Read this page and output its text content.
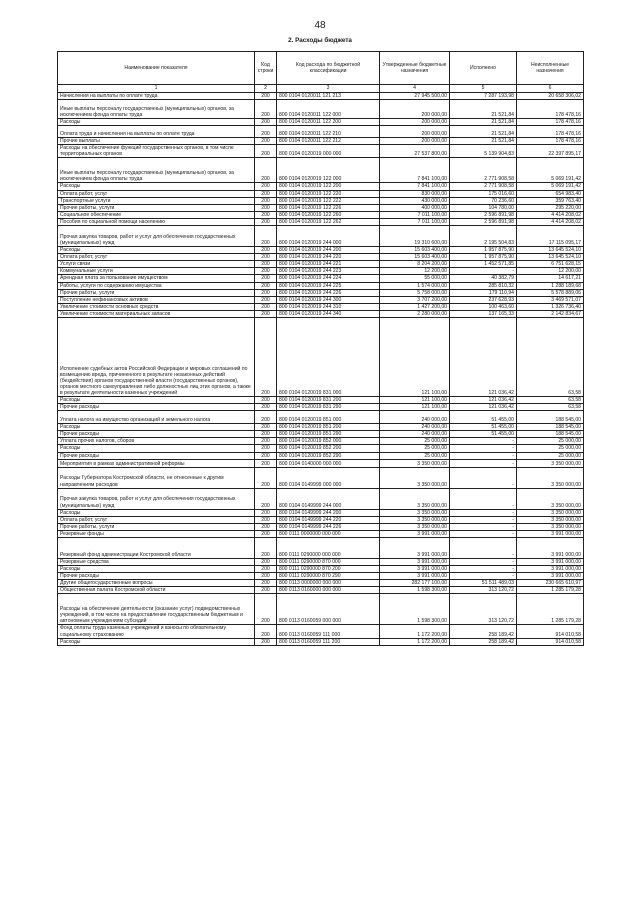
48
2. Расходы бюджета
Наименование показателя	Код строки	Код расхода по бюджетной классификации	Утвержденные бюджетные назначения	Исполнено	Неисполненные назначения
1	2	3	4	5	6
Начисления на выплаты по оплате труда	200	800 0104 0120011 121 213	27 945 500,00	7 287 193,98	20 658 306,02
Иные выплаты персоналу государственных (муниципальных) органов, за исключением фонда оплаты труда	200	800 0104 0120011 122 000	200 000,00	21 521,84	178 478,16
Расходы	200	800 0104 0120011 122 200	200 000,00	21 521,84	178 478,16
Оплата труда и начисления на выплаты по оплате труда	200	800 0104 0120011 122 210	200 000,00	21 521,84	178 478,16
Прочие выплаты	200	800 0104 0120011 122 212	200 000,00	21 521,84	178 478,16
Расходы на обеспечение функций государственных органов, в том числе территориальных органов	200	800 0104 0120019 000 000	27 537 800,00	5 139 904,83	22 397 895,17
Иные выплаты персоналу государственных (муниципальных) органов, за исключением фонда оплаты труда	200	800 0104 0120019 122 000	7 841 100,00	2 771 908,58	5 069 191,42
Расходы	200	800 0104 0120019 122 200	7 841 100,00	2 771 908,58	5 069 191,42
Оплата работ, услуг	200	800 0104 0120019 122 220	830 000,00	175 016,60	654 983,40
Транспортные услуги	200	800 0104 0120019 122 222	430 000,00	70 236,60	359 763,40
Прочие работы, услуги	200	800 0104 0120019 122 226	400 000,00	104 780,00	295 220,00
Социальное обеспечение	200	800 0104 0120019 122 260	7 011 100,00	2 596 891,98	4 414 208,02
Пособия по социальной помощи населению	200	800 0104 0120019 122 262	7 011 100,00	2 596 891,98	4 414 208,02
Прочая закупка товаров, работ и услуг для обеспечения государственных (муниципальных) нужд	200	800 0104 0120019 244 000	19 310 600,00	2 195 504,83	17 115 095,17
Расходы	200	800 0104 0120019 244 200	15 603 400,00	1 957 875,90	13 645 524,10
Оплата работ, услуг	200	800 0104 0120019 244 220	15 603 400,00	1 957 875,90	13 645 524,10
Услуги связи	200	800 0104 0120019 244 221	8 204 200,00	1 452 571,85	6 751 628,15
Коммунальные услуги	200	800 0104 0120019 244 223	12 200,00	-	12 200,00
Арендная плата за пользование имуществом	200	800 0104 0120019 244 224	55 000,00	40 382,79	14 617,21
Работы, услуги по содержанию имущества	200	800 0104 0120019 244 225	1 574 000,00	285 810,32	1 288 189,68
Прочие работы, услуги	200	800 0104 0120019 244 226	5 758 000,00	179 110,94	5 578 889,06
Поступление нефинансовых активов	200	800 0104 0120019 244 300	3 707 200,00	237 628,93	3 469 571,07
Увеличение стоимости основных средств	200	800 0104 0120019 244 310	1 427 200,00	100 463,60	1 326 736,40
Увеличение стоимости материальных запасов	200	800 0104 0120019 244 340	2 280 000,00	137 165,33	2 142 834,67
Исполнение судебных актов Российской Федерации и мировых соглашений по возмещению вреда, причиненного в результате незаконных действий (бездействия) органов государственной власти (государственных органов), органов местного самоуправления либо должностных лиц этих органов, а также в результате деятельности казенных учреждений	200	800 0104 0120019 831 000	121 100,00	121 036,42	63,58
Расходы	200	800 0104 0120019 831 200	121 100,00	121 036,42	63,58
Прочие расходы	200	800 0104 0120019 831 290	121 100,00	121 036,42	63,58
Уплата налога на имущество организаций и земельного налога	200	800 0104 0120019 851 000	240 000,00	51 455,00	188 545,00
Расходы	200	800 0104 0120019 851 200	240 000,00	51 455,00	188 545,00
Прочие расходы	200	800 0104 0120019 851 290	240 000,00	51 455,00	188 545,00
Уплата прочих налогов, сборов	200	800 0104 0120019 852 000	25 000,00	-	25 000,00
Расходы	200	800 0104 0120019 852 200	25 000,00	-	25 000,00
Прочие расходы	200	800 0104 0120019 852 290	25 000,00	-	25 000,00
Мероприятия в рамках административной реформы	200	800 0104 0140000 000 000	3 350 000,00	-	3 350 000,00
Расходы Губернатора Костромской области, не отнесенные к другим направлениям расходов	200	800 0104 0149999 000 000	3 350 000,00	-	3 350 000,00
Прочая закупка товаров, работ и услуг для обеспечения государственных (муниципальных) нужд	200	800 0104 0149999 244 000	3 350 000,00	-	3 350 000,00
Расходы	200	800 0104 0149999 244 200	3 350 000,00	-	3 350 000,00
Оплата работ, услуг	200	800 0104 0149999 244 220	3 350 000,00	-	3 350 000,00
Прочие работы, услуги	200	800 0104 0149999 244 226	3 350 000,00	-	3 350 000,00
Резервные фонды	200	800 0111 0000000 000 000	3 991 000,00	-	3 991 000,00
Резервный фонд администрации Костромской области	200	800 0111 0290000 000 000	3 991 000,00	-	3 991 000,00
Резервные средства	200	800 0111 0290000 870 000	3 991 000,00	-	3 991 000,00
Расходы	200	800 0111 0290000 870 200	3 991 000,00	-	3 991 000,00
Прочие расходы	200	800 0111 0290000 870 290	3 991 000,00	-	3 991 000,00
Другие общегосударственные вопросы	200	800 0113 0000000 000 000	282 177 100,00	51 511 489,03	230 665 610,97
Общественная палата Костромской области	200	800 0113 0160000 000 000	1 598 300,00	313 120,72	1 285 179,28
Расходы на обеспечение деятельности (оказание услуг) подведомственных учреждений, в том числе на предоставление государственным бюджетным и автономным учреждениям субсидий	200	800 0113 0160059 000 000	1 598 300,00	313 120,72	1 285 179,28
Фонд оплаты труда казенных учреждений и взносы по обязательному социальному страхованию	200	800 0113 0160059 111 000	1 172 200,00	258 189,42	914 010,58
Расходы	200	800 0113 0160059 111 200	1 172 200,00	258 189,42	914 010,58
